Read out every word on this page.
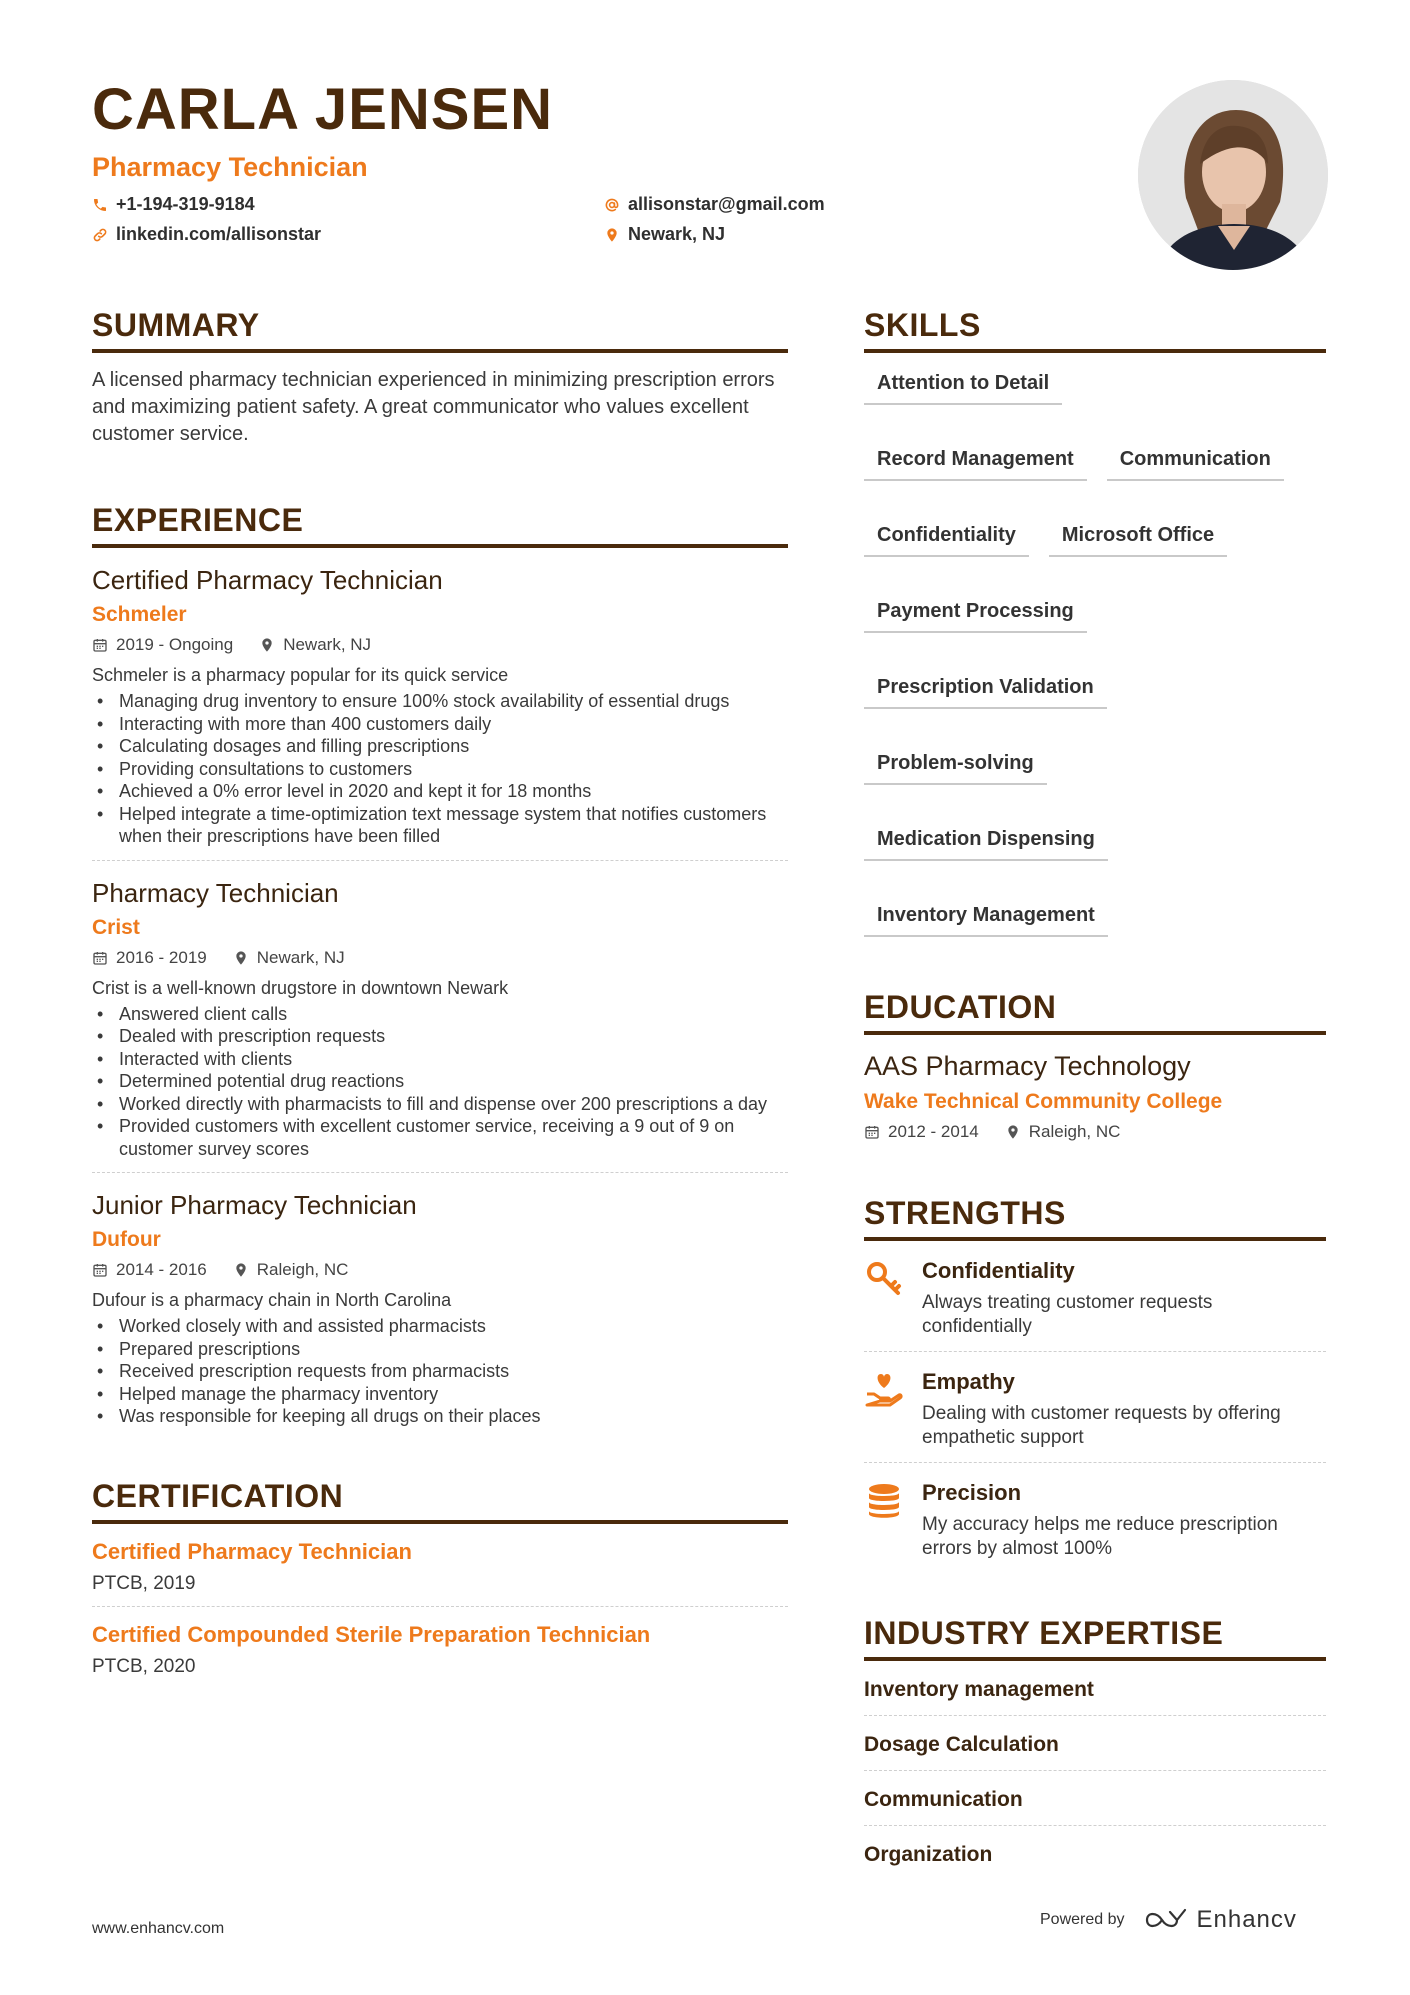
CARLA JENSEN
Pharmacy Technician
+1-194-319-9184
linkedin.com/allisonstar
allisonstar@gmail.com
Newark, NJ
SUMMARY

A licensed pharmacy technician experienced in minimizing prescription errors and maximizing patient safety. A great communicator who values excellent customer service.

EXPERIENCE
Certified Pharmacy Technician
Schmeler
2019 - Ongoing	Newark, NJ
Schmeler is a pharmacy popular for its quick service
• Managing drug inventory to ensure 100% stock availability of essential drugs
• Interacting with more than 400 customers daily
• Calculating dosages and filling prescriptions
• Providing consultations to customers
• Achieved a 0% error level in 2020 and kept it for 18 months
• Helped integrate a time-optimization text message system that notifies customers when their prescriptions have been filled
Pharmacy Technician
Crist
2016 - 2019	Newark, NJ
Crist is a well-known drugstore in downtown Newark
• Answered client calls
• Dealed with prescription requests
• Interacted with clients
• Determined potential drug reactions
• Worked directly with pharmacists to fill and dispense over 200 prescriptions a day
• Provided customers with excellent customer service, receiving a 9 out of 9 on customer survey scores
Junior Pharmacy Technician
Dufour
2014 - 2016	Raleigh, NC
Dufour is a pharmacy chain in North Carolina
• Worked closely with and assisted pharmacists
• Prepared prescriptions
• Received prescription requests from pharmacists
• Helped manage the pharmacy inventory
• Was responsible for keeping all drugs on their places
CERTIFICATION
Certified Pharmacy Technician
PTCB, 2019
Certified Compounded Sterile Preparation Technician
PTCB, 2020
SKILLS
Attention to Detail
Record Management	Communication
Confidentiality	Microsoft Office
Payment Processing
Prescription Validation
Problem-solving
Medication Dispensing
Inventory Management
EDUCATION
AAS Pharmacy Technology
Wake Technical Community College
2012 - 2014	Raleigh, NC
STRENGTHS
Confidentiality
Always treating customer requests confidentially
Empathy
Dealing with customer requests by offering empathetic support
Precision
My accuracy helps me reduce prescription errors by almost 100%
INDUSTRY EXPERTISE
Inventory management
Dosage Calculation
Communication
Organization
www.enhancv.com
Powered by	Enhancv
